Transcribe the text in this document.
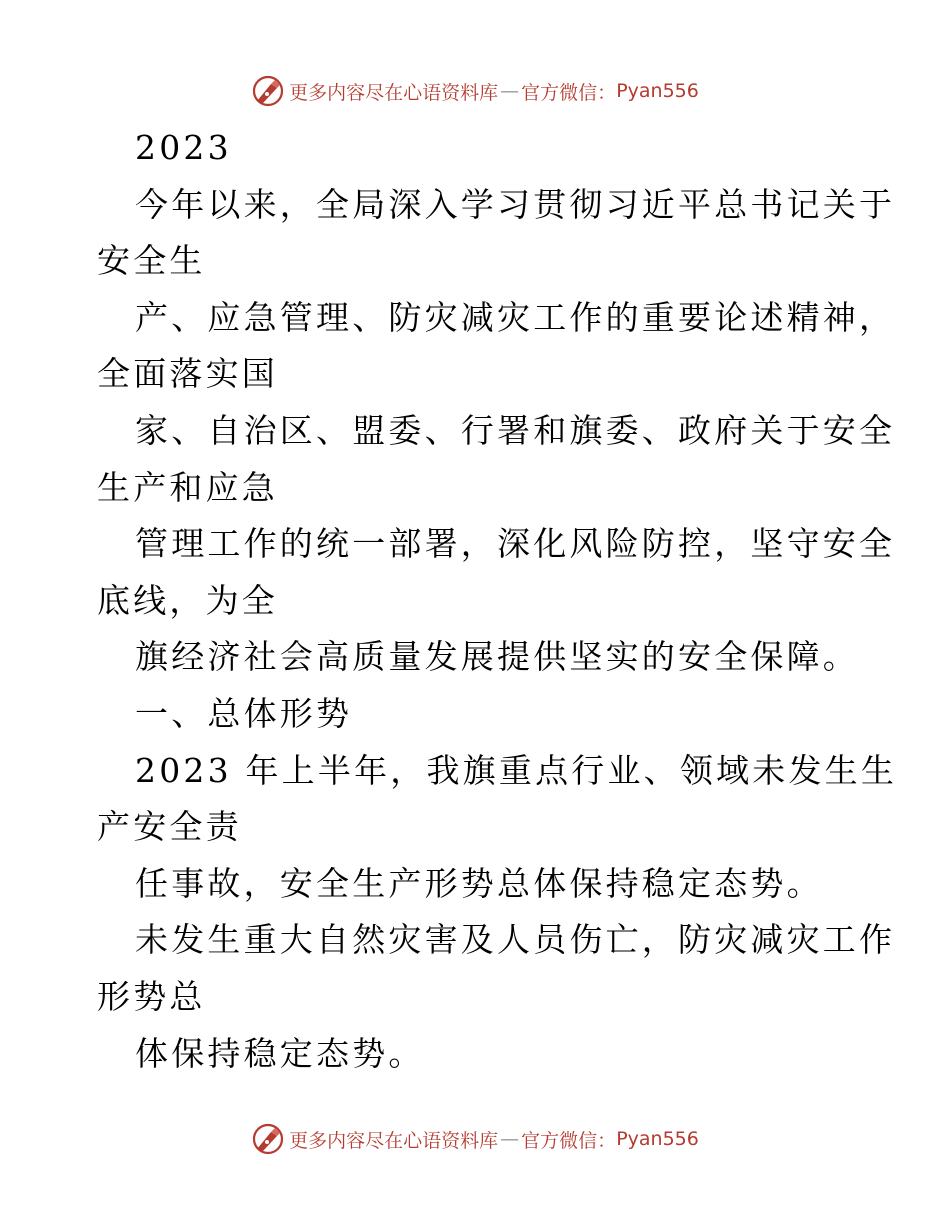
更多内容尽在心语资料库 — 官方微信： Pyan556
2023
今年以来，全局深入学习贯彻习近平总书记关于
安全生
产、应急管理、防灾减灾工作的重要论述精神，
全面落实国
家、自治区、盟委、行署和旗委、政府关于安全
生产和应急
管理工作的统一部署，深化风险防控，坚守安全
底线，为全
旗经济社会高质量发展提供坚实的安全保障。
一、总体形势
2023 年上半年，我旗重点行业、领域未发生生
产安全责
任事故，安全生产形势总体保持稳定态势。
未发生重大自然灾害及人员伤亡，防灾减灾工作
形势总
体保持稳定态势。
更多内容尽在心语资料库 — 官方微信： Pyan556
